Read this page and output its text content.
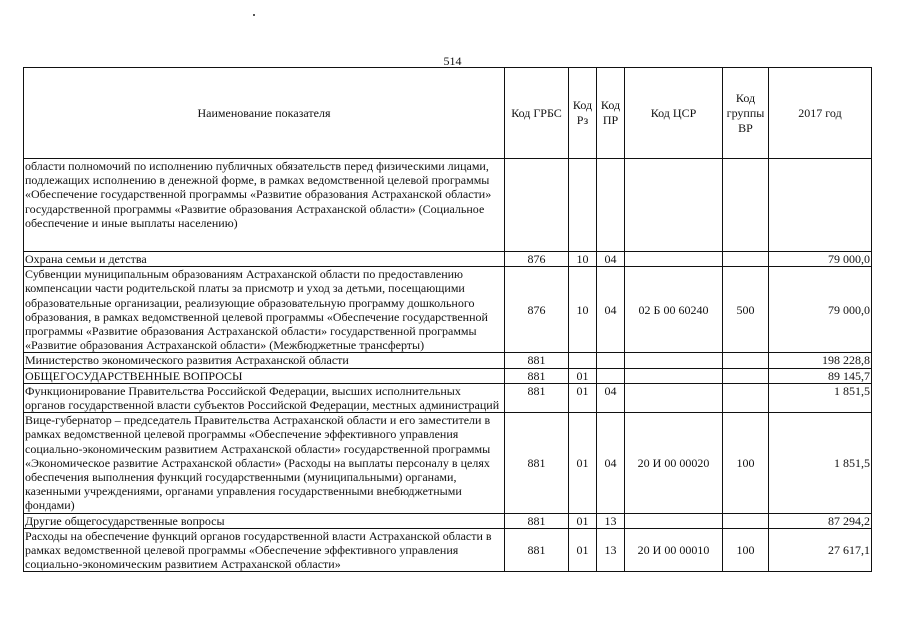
514
Наименование показателя	Код ГРБС	Код Рз	Код ПР	Код ЦСР	Код группы ВР	2017 год
области полномочий по исполнению публичных обязательств перед физическими лицами, подлежащих исполнению в денежной форме, в рамках ведомственной целевой программы «Обеспечение государственной программы «Развитие образования Астраханской области» государственной программы «Развитие образования Астраханской области» (Социальное обеспечение и иные выплаты населению)						
Охрана семьи и детства	876	10	04			79 000,0
Субвенции муниципальным образованиям Астраханской области по предоставлению компенсации части родительской платы за присмотр и уход за детьми, посещающими образовательные организации, реализующие образовательную программу дошкольного образования, в рамках ведомственной целевой программы «Обеспечение государственной программы «Развитие образования Астраханской области» государственной программы «Развитие образования Астраханской области» (Межбюджетные трансферты)	876	10	04	02 Б 00 60240	500	79 000,0
Министерство экономического развития Астраханской области	881					198 228,8
ОБЩЕГОСУДАРСТВЕННЫЕ ВОПРОСЫ	881	01				89 145,7
Функционирование Правительства Российской Федерации, высших исполнительных органов государственной власти субъектов Российской Федерации, местных администраций	881	01	04			1 851,5
Вице-губернатор – председатель Правительства Астраханской области и его заместители в рамках ведомственной целевой программы «Обеспечение эффективного управления социально-экономическим развитием Астраханской области» государственной программы «Экономическое развитие Астраханской области» (Расходы на выплаты персоналу в целях обеспечения выполнения функций государственными (муниципальными) органами, казенными учреждениями, органами управления государственными внебюджетными фондами)	881	01	04	20 И 00 00020	100	1 851,5
Другие общегосударственные вопросы	881	01	13			87 294,2
Расходы на обеспечение функций органов государственной власти Астраханской области в рамках ведомственной целевой программы «Обеспечение эффективного управления социально-экономическим развитием Астраханской области»	881	01	13	20 И 00 00010	100	27 617,1
